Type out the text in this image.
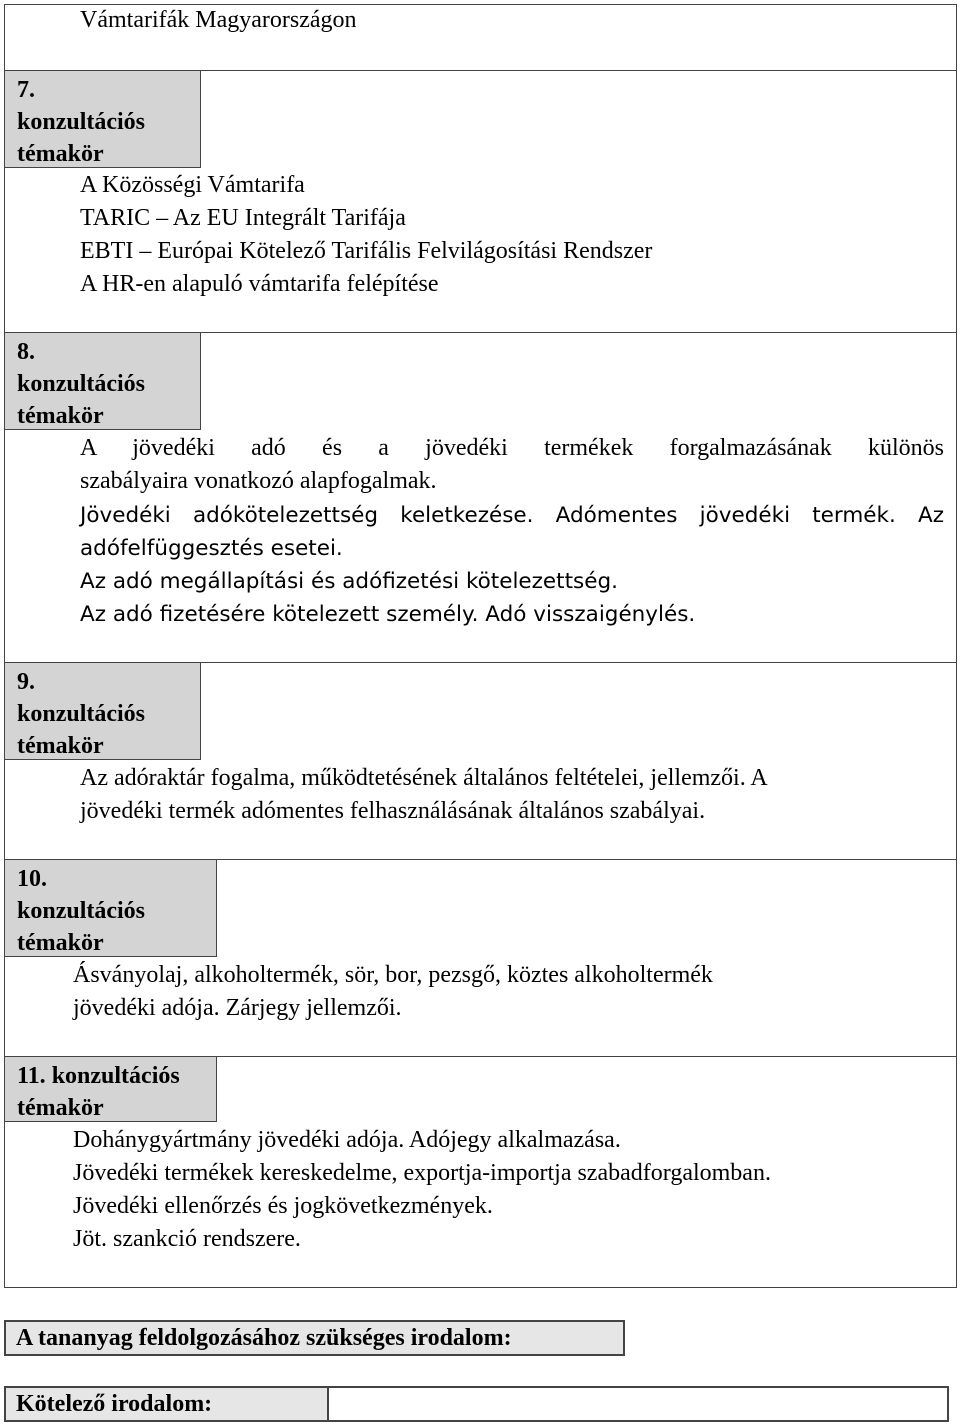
Vámtarifák Magyarországon
7.
konzultációs
témakör
A Közösségi Vámtarifa
TARIC – Az EU Integrált Tarifája
EBTI – Európai Kötelező Tarifális Felvilágosítási Rendszer
A HR-en alapuló vámtarifa felépítése
8.
konzultációs
témakör
A jövedéki adó és a jövedéki termékek forgalmazásának különös
szabályaira vonatkozó alapfogalmak.
Jövedéki adókötelezettség keletkezése. Adómentes jövedéki termék. Az
adófelfüggesztés esetei.
Az adó megállapítási és adófizetési kötelezettség.
Az adó fizetésére kötelezett személy. Adó visszaigénylés.
9.
konzultációs
témakör
Az adóraktár fogalma, működtetésének általános feltételei, jellemzői. A
jövedéki termék adómentes felhasználásának általános szabályai.
10.
konzultációs
témakör
Ásványolaj, alkoholtermék, sör, bor, pezsgő, köztes alkoholtermék
jövedéki adója. Zárjegy jellemzői.
11. konzultációs
témakör
Dohánygyártmány jövedéki adója. Adójegy alkalmazása.
Jövedéki termékek kereskedelme, exportja-importja szabadforgalomban.
Jövedéki ellenőrzés és jogkövetkezmények.
Jöt. szankció rendszere.
A tananyag feldolgozásához szükséges irodalom:
Kötelező irodalom:
